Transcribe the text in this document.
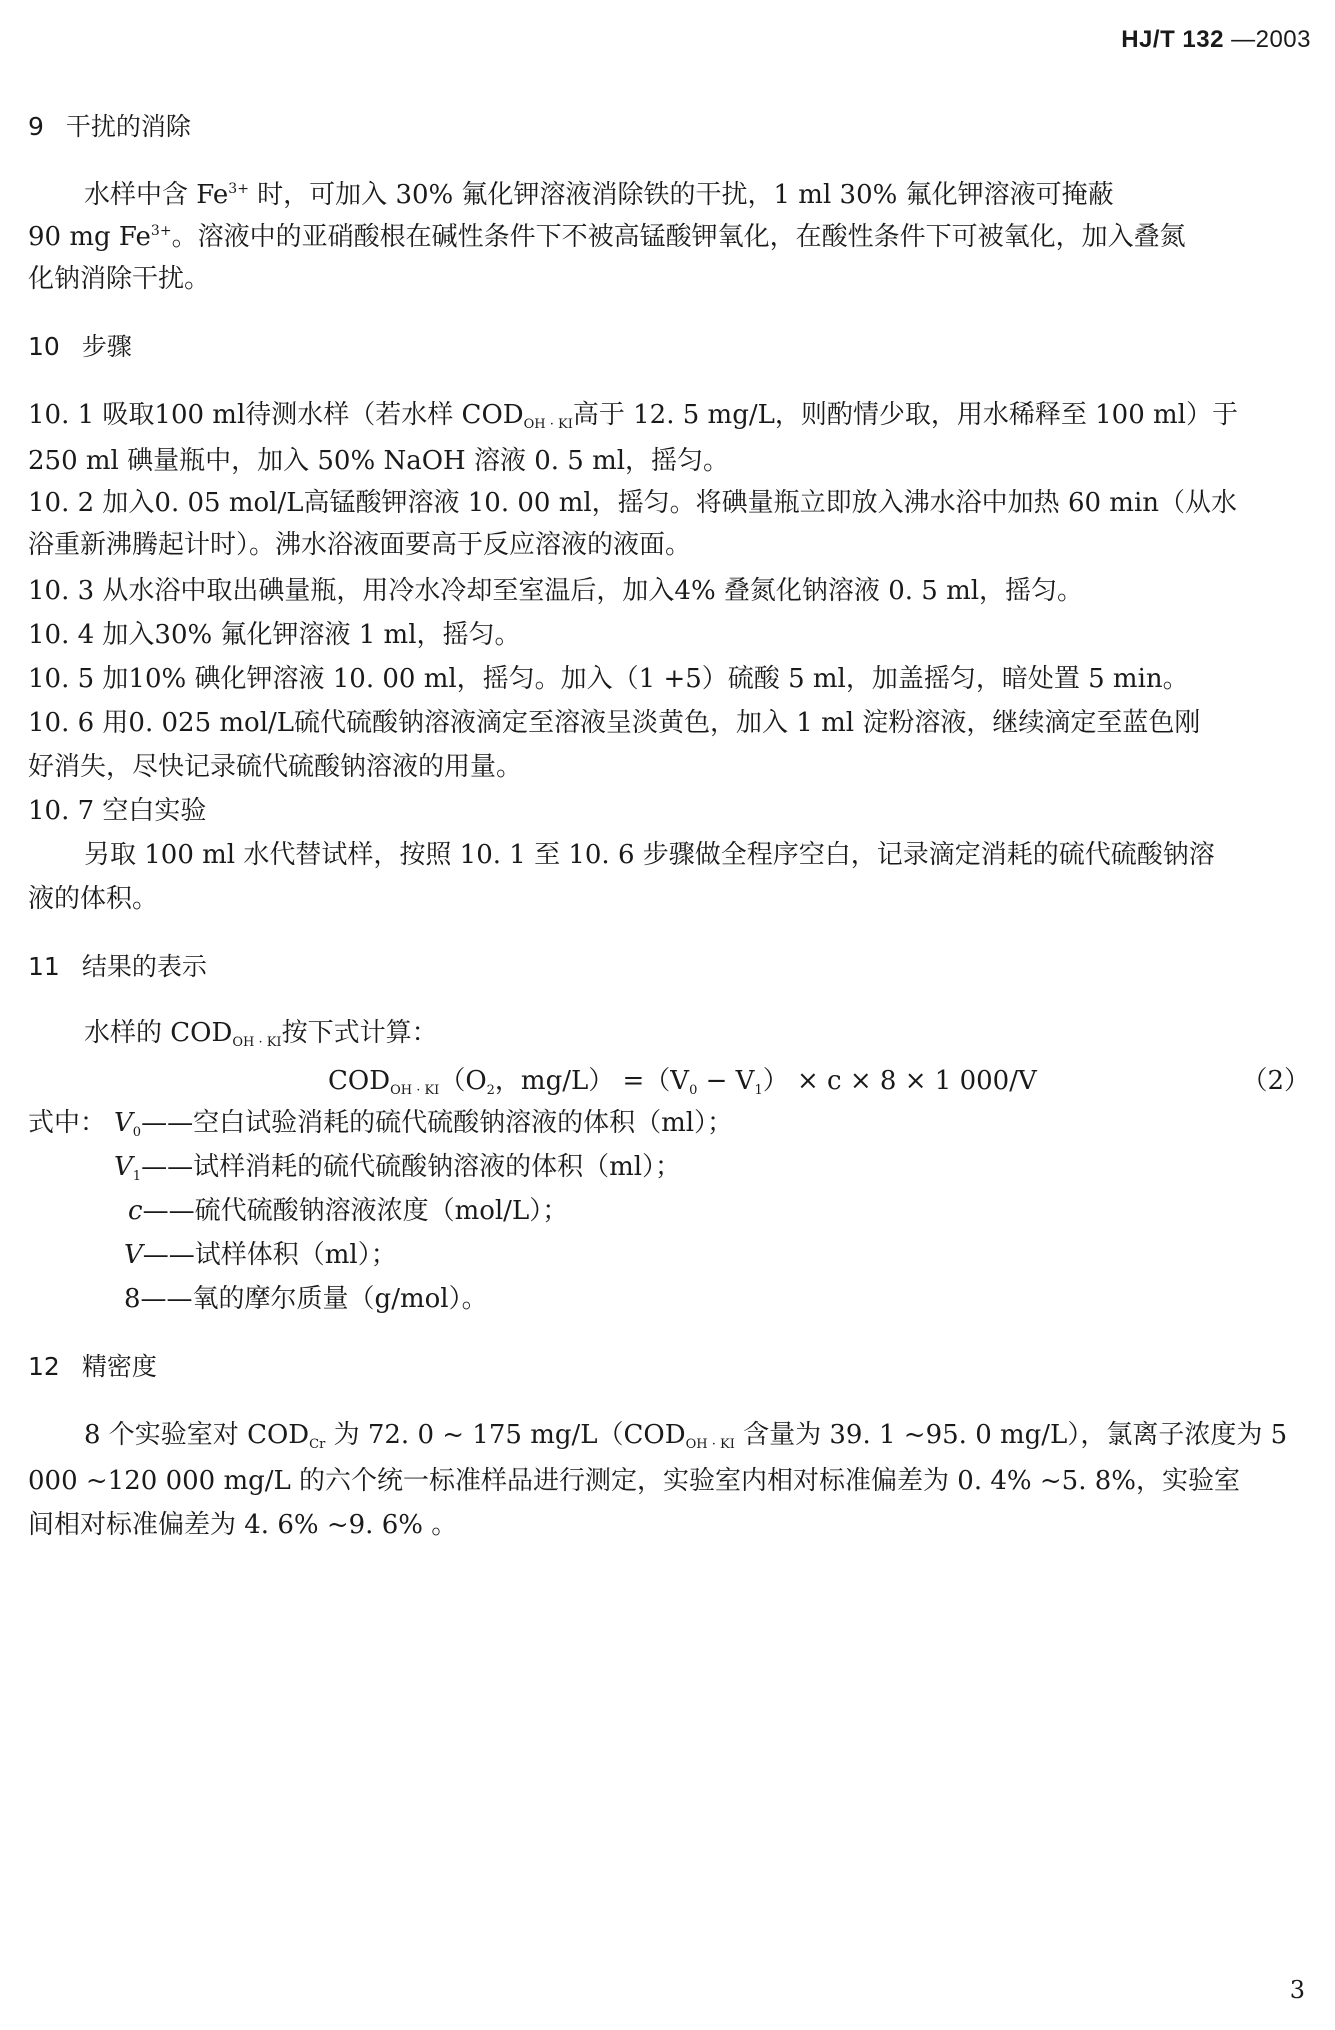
HJ/T 132 —2003
9 干扰的消除
水样中含 $Fe^{3+}$ 时，可加入 30% 氟化钾溶液消除铁的干扰，1 ml 30% 氟化钾溶液可掩蔽
90 mg $Fe^{3+}$。溶液中的亚硝酸根在碱性条件下不被高锰酸钾氧化，在酸性条件下可被氧化，加入叠氮
化钠消除干扰。
10 步骤
10. 1 吸取100 ml待测水样（若水样 $COD_{OH \cdot KI}$高于 12. 5 mg/L，则酌情少取，用水稀释至 100 ml）于
250 ml 碘量瓶中，加入 50% NaOH 溶液 0. 5 ml，摇匀。
10. 2 加入0. 05 mol/L高锰酸钾溶液 10. 00 ml，摇匀。将碘量瓶立即放入沸水浴中加热 60 min（从水
浴重新沸腾起计时）。沸水浴液面要高于反应溶液的液面。
10. 3 从水浴中取出碘量瓶，用冷水冷却至室温后，加入4% 叠氮化钠溶液 0. 5 ml，摇匀。
10. 4 加入30% 氟化钾溶液 1 ml，摇匀。
10. 5 加10% 碘化钾溶液 10. 00 ml，摇匀。加入（1 +5）硫酸 5 ml，加盖摇匀，暗处置 5 min。
10. 6 用0. 025 mol/L硫代硫酸钠溶液滴定至溶液呈淡黄色，加入 1 ml 淀粉溶液，继续滴定至蓝色刚
好消失，尽快记录硫代硫酸钠溶液的用量。
10. 7 空白实验
另取 100 ml 水代替试样，按照 10. 1 至 10. 6 步骤做全程序空白，记录滴定消耗的硫代硫酸钠溶
液的体积。
11 结果的表示
水样的 $COD_{OH \cdot KI}$按下式计算：
$COD_{OH \cdot KI}(O_2$，$mg/L) =(V_0 - V_1) \times c \times 8 \times 1$ 000/V	（2）
式中： $V_0——$空白试验消耗的硫代硫酸钠溶液的体积（ml）；
$V_1——$试样消耗的硫代硫酸钠溶液的体积（ml）；
c——硫代硫酸钠溶液浓度（mol/L）；
V——试样体积（ml）；
8——氧的摩尔质量（g/mol）。
12 精密度
8 个实验室对 $COD_{Cr}$ 为 72. 0 ~ 175 $mg/L(COD_{OH \cdot KI}$ 含量为 39. 1 ~95. 0 mg/L），氯离子浓度为 5
000 ~120 000 mg/L 的六个统一标准样品进行测定，实验室内相对标准偏差为 0. 4% ~5. 8%，实验室
间相对标准偏差为 4. 6% ~9. 6% 。
3
